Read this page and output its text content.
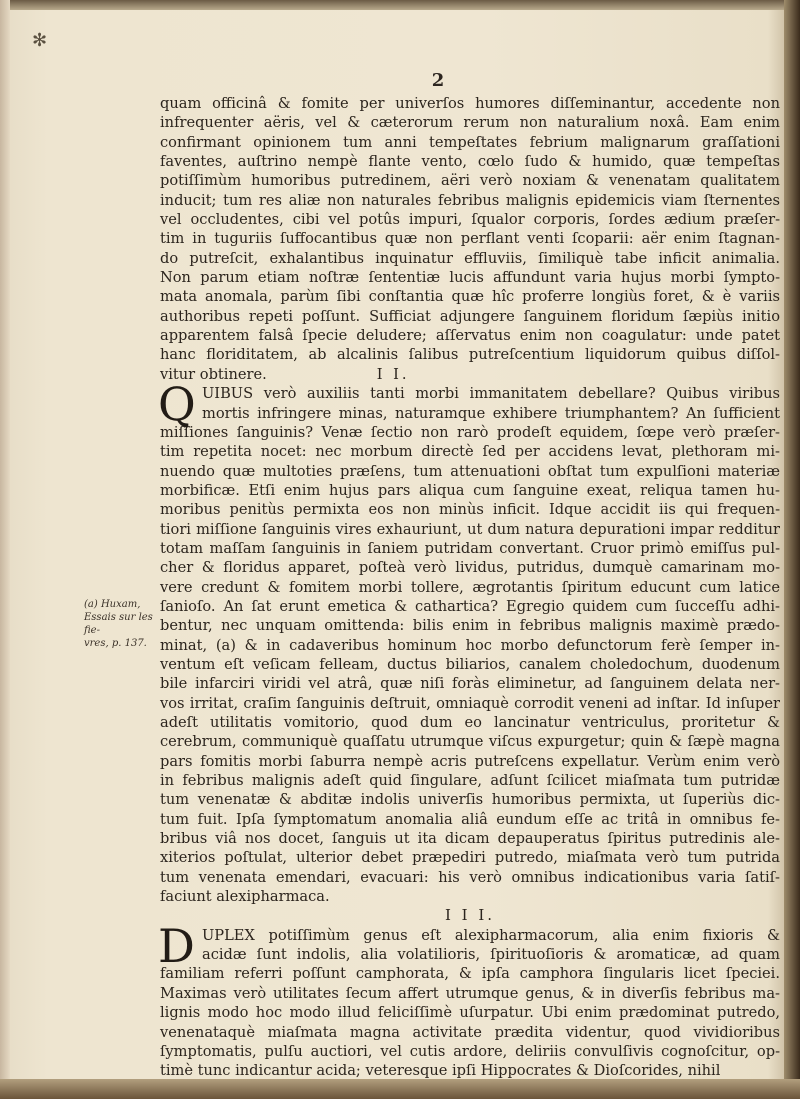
✻
2
(a) Huxam,
Essais sur les fie-
vres, p. 137.
quam officinâ & fomite per univerſos humores diſſeminantur, accedente non
infrequenter aëris, vel & cæterorum rerum non naturalium noxâ. Eam enim
confirmant opinionem tum anni tempeſtates febrium malignarum graſſationi
faventes, auſtrino nempè flante vento, cœlo ſudo & humido, quæ tempeſtas
potiſſimùm humoribus putredinem, aëri verò noxiam & venenatam qualitatem
inducit; tum res aliæ non naturales febribus malignis epidemicis viam ſternentes
vel occludentes, cibi vel potûs impuri, ſqualor corporis, ſordes ædium præſer-
tim in tuguriis ſuffocantibus quæ non perflant venti ſcoparii: aër enim ſtagnan-
do putreſcit, exhalantibus inquinatur effluviis, ſimiliquè tabe inficit animalia.
Non parum etiam noſtræ ſententiæ lucis affundunt varia hujus morbi ſympto-
mata anomala, parùm ſibi conſtantia quæ hîc proferre longiùs foret, & è variis
authoribus repeti poſſunt. Sufficiat adjungere ſanguinem floridum ſæpiùs initio
apparentem falsâ ſpecie deludere; aſſervatus enim non coagulatur: unde patet
hanc floriditatem, ab alcalinis ſalibus putreſcentium liquidorum quibus diſſol-
vitur obtinere.	I I.
Q UIBUS verò auxiliis tanti morbi immanitatem debellare? Quibus viribus
mortis infringere minas, naturamque exhibere triumphantem? An ſufficient
miſſiones ſanguinis? Venæ ſectio non rarò prodeſt equidem, ſœpe verò præſer-
tim repetita nocet: nec morbum directè ſed per accidens levat, plethoram mi-
nuendo quæ multoties præſens, tum attenuationi obſtat tum expulſioni materiæ
morbificæ. Etſi enim hujus pars aliqua cum ſanguine exeat, reliqua tamen hu-
moribus penitùs permixta eos non minùs inficit. Idque accidit iis qui frequen-
tiori miſſione ſanguinis vires exhauriunt, ut dum natura depurationi impar redditur
totam maſſam ſanguinis in ſaniem putridam convertant. Cruor primò emiſſus pul-
cher & floridus apparet, poſteà verò lividus, putridus, dumquè camarinam mo-
vere credunt & fomitem morbi tollere, ægrotantis ſpiritum educunt cum latice
ſanioſo. An ſat erunt emetica & cathartica? Egregio quidem cum ſucceſſu adhi-
bentur, nec unquam omittenda: bilis enim in febribus malignis maximè prædo-
minat, (a) & in cadaveribus hominum hoc morbo defunctorum ferè ſemper in-
ventum eſt veſicam felleam, ductus biliarios, canalem choledochum, duodenum
bile infarciri viridi vel atrâ, quæ niſi foràs eliminetur, ad ſanguinem delata ner-
vos irritat, craſim ſanguinis deſtruit, omniaquè corrodit veneni ad inſtar. Id inſuper
adeſt utilitatis vomitorio, quod dum eo lancinatur ventriculus, proritetur &
cerebrum, communiquè quaſſatu utrumque viſcus expurgetur; quin & ſæpè magna
pars fomitis morbi ſaburra nempè acris putreſcens expellatur. Verùm enim verò
in febribus malignis adeſt quid ſingulare, adſunt ſcilicet miaſmata tum putridæ
tum venenatæ & abditæ indolis univerſis humoribus permixta, ut ſuperiùs dic-
tum fuit. Ipſa ſymptomatum anomalia aliâ eundum eſſe ac tritâ in omnibus fe-
bribus viâ nos docet, ſanguis ut ita dicam depauperatus ſpiritus putredinis ale-
xiterios poſtulat, ulterior debet præpediri putredo, miaſmata verò tum putrida
tum venenata emendari, evacuari: his verò omnibus indicationibus varia ſatiſ-
faciunt alexipharmaca.
I I I.
D UPLEX potiſſimùm genus eſt alexipharmacorum, alia enim fixioris &
acidæ ſunt indolis, alia volatilioris, ſpirituoſioris & aromaticæ, ad quam
familiam referri poſſunt camphorata, & ipſa camphora ſingularis licet ſpeciei.
Maximas verò utilitates ſecum affert utrumque genus, & in diverſis febribus ma-
lignis modo hoc modo illud feliciſſimè uſurpatur. Ubi enim prædominat putredo,
venenataquè miaſmata magna activitate prædita videntur, quod vividioribus
ſymptomatis, pulſu auctiori, vel cutis ardore, deliriis convulſivis cognoſcitur, op-
timè tunc indicantur acida; veteresque ipſi Hippocrates & Dioſcorides, nihil
